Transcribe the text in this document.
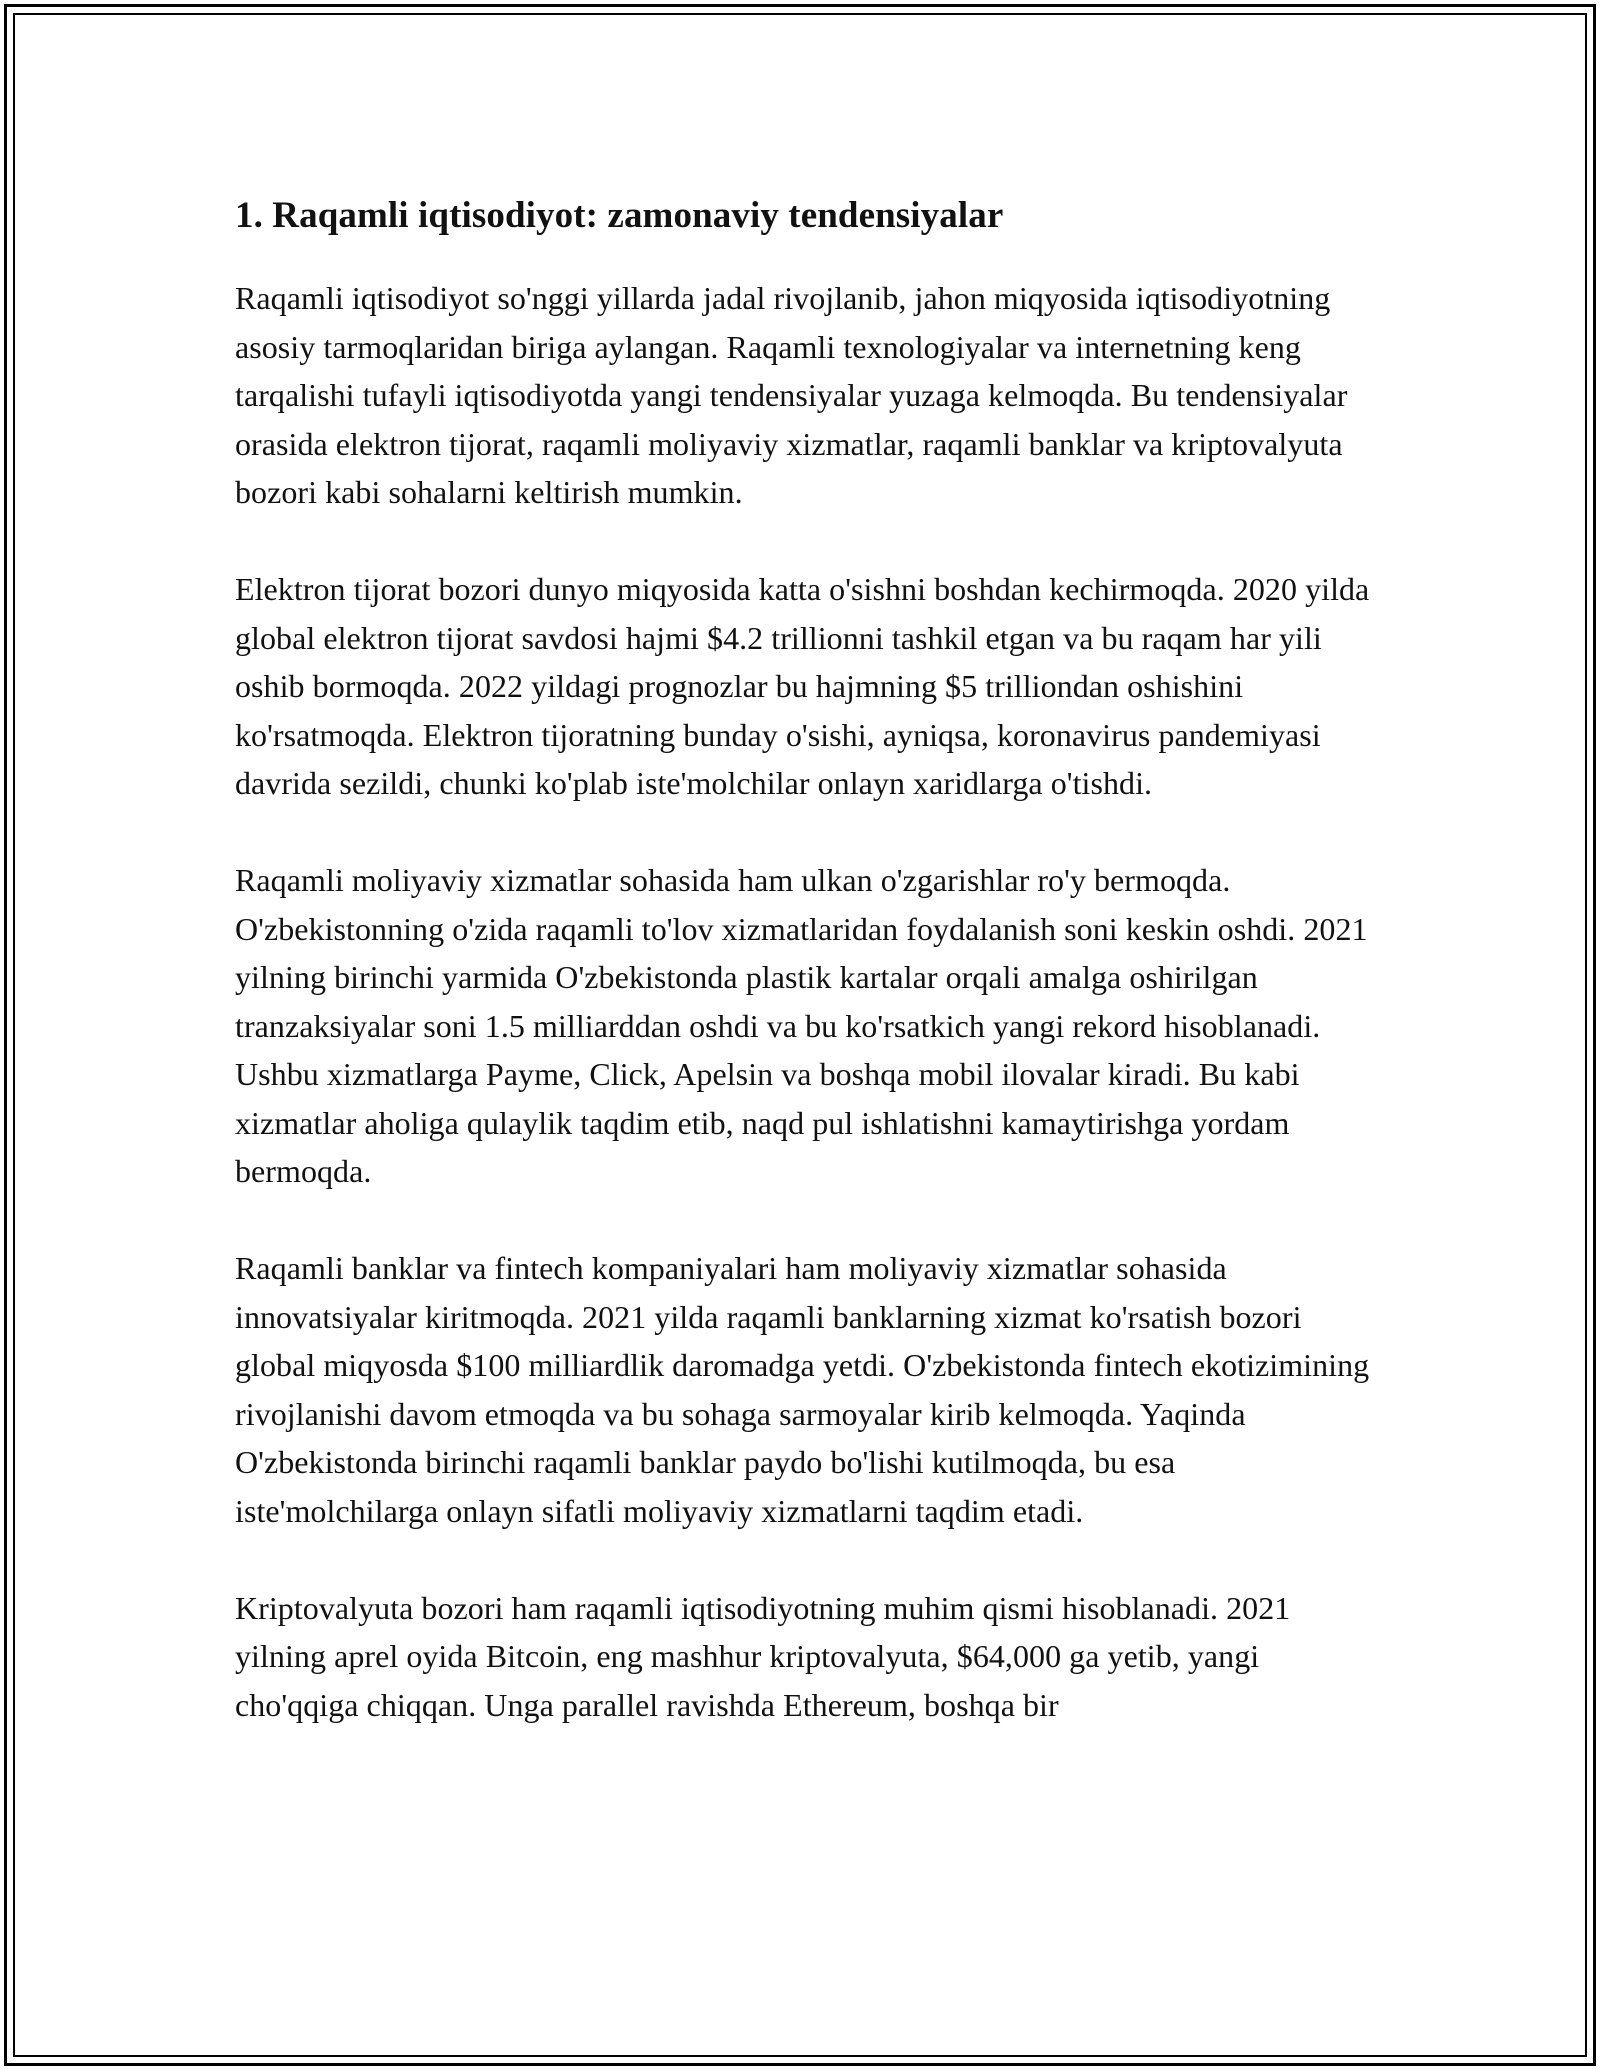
1. Raqamli iqtisodiyot: zamonaviy tendensiyalar

Raqamli iqtisodiyot so'nggi yillarda jadal rivojlanib, jahon miqyosida iqtisodiyotning asosiy tarmoqlaridan biriga aylangan. Raqamli texnologiyalar va internetning keng tarqalishi tufayli iqtisodiyotda yangi tendensiyalar yuzaga kelmoqda. Bu tendensiyalar orasida elektron tijorat, raqamli moliyaviy xizmatlar, raqamli banklar va kriptovalyuta bozori kabi sohalarni keltirish mumkin.

Elektron tijorat bozori dunyo miqyosida katta o'sishni boshdan kechirmoqda. 2020 yilda global elektron tijorat savdosi hajmi $4.2 trillionni tashkil etgan va bu raqam har yili oshib bormoqda. 2022 yildagi prognozlar bu hajmning $5 trilliondan oshishini ko'rsatmoqda. Elektron tijoratning bunday o'sishi, ayniqsa, koronavirus pandemiyasi davrida sezildi, chunki ko'plab iste'molchilar onlayn xaridlarga o'tishdi.

Raqamli moliyaviy xizmatlar sohasida ham ulkan o'zgarishlar ro'y bermoqda. O'zbekistonning o'zida raqamli to'lov xizmatlaridan foydalanish soni keskin oshdi. 2021 yilning birinchi yarmida O'zbekistonda plastik kartalar orqali amalga oshirilgan tranzaksiyalar soni 1.5 milliarddan oshdi va bu ko'rsatkich yangi rekord hisoblanadi. Ushbu xizmatlarga Payme, Click, Apelsin va boshqa mobil ilovalar kiradi. Bu kabi xizmatlar aholiga qulaylik taqdim etib, naqd pul ishlatishni kamaytirishga yordam bermoqda.

Raqamli banklar va fintech kompaniyalari ham moliyaviy xizmatlar sohasida innovatsiyalar kiritmoqda. 2021 yilda raqamli banklarning xizmat ko'rsatish bozori global miqyosda $100 milliardlik daromadga yetdi. O'zbekistonda fintech ekotizimining rivojlanishi davom etmoqda va bu sohaga sarmoyalar kirib kelmoqda. Yaqinda O'zbekistonda birinchi raqamli banklar paydo bo'lishi kutilmoqda, bu esa iste'molchilarga onlayn sifatli moliyaviy xizmatlarni taqdim etadi.

Kriptovalyuta bozori ham raqamli iqtisodiyotning muhim qismi hisoblanadi. 2021 yilning aprel oyida Bitcoin, eng mashhur kriptovalyuta, $64,000 ga yetib, yangi cho'qqiga chiqqan. Unga parallel ravishda Ethereum, boshqa bir
